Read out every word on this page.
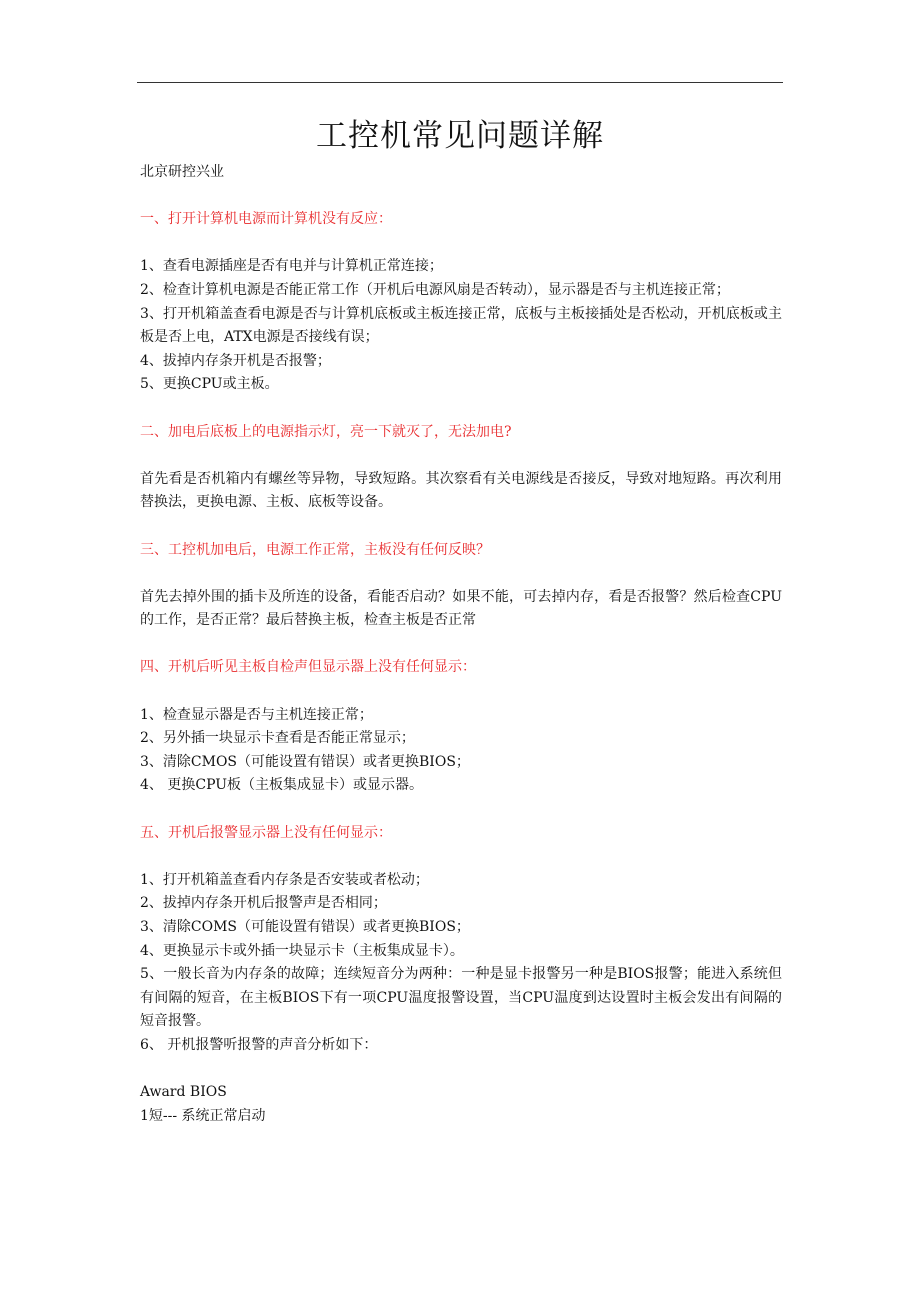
工控机常见问题详解

北京研控兴业

一、打开计算机电源而计算机没有反应：

1、查看电源插座是否有电并与计算机正常连接；

2、检查计算机电源是否能正常工作（开机后电源风扇是否转动），显示器是否与主机连接正常；

3、打开机箱盖查看电源是否与计算机底板或主板连接正常，底板与主板接插处是否松动，开机底板或主板是否上电，ATX电源是否接线有误；

4、拔掉内存条开机是否报警；

5、更换CPU或主板。

二、加电后底板上的电源指示灯，亮一下就灭了，无法加电?

首先看是否机箱内有螺丝等异物，导致短路。其次察看有关电源线是否接反，导致对地短路。再次利用替换法，更换电源、主板、底板等设备。

三、工控机加电后，电源工作正常，主板没有任何反映？

首先去掉外围的插卡及所连的设备，看能否启动？如果不能，可去掉内存，看是否报警？然后检查CPU的工作，是否正常？最后替换主板，检查主板是否正常

四、开机后听见主板自检声但显示器上没有任何显示：

1、检查显示器是否与主机连接正常；

2、另外插一块显示卡查看是否能正常显示；

3、清除CMOS（可能设置有错误）或者更换BIOS；

4、 更换CPU板（主板集成显卡）或显示器。

五、开机后报警显示器上没有任何显示：

1、打开机箱盖查看内存条是否安装或者松动；

2、拔掉内存条开机后报警声是否相同；

3、清除COMS（可能设置有错误）或者更换BIOS；

4、更换显示卡或外插一块显示卡（主板集成显卡）。

5、一般长音为内存条的故障；连续短音分为两种：一种是显卡报警另一种是BIOS报警；能进入系统但有间隔的短音，在主板BIOS下有一项CPU温度报警设置，当CPU温度到达设置时主板会发出有间隔的短音报警。

6、 开机报警听报警的声音分析如下：

Award BIOS

1短--- 系统正常启动
